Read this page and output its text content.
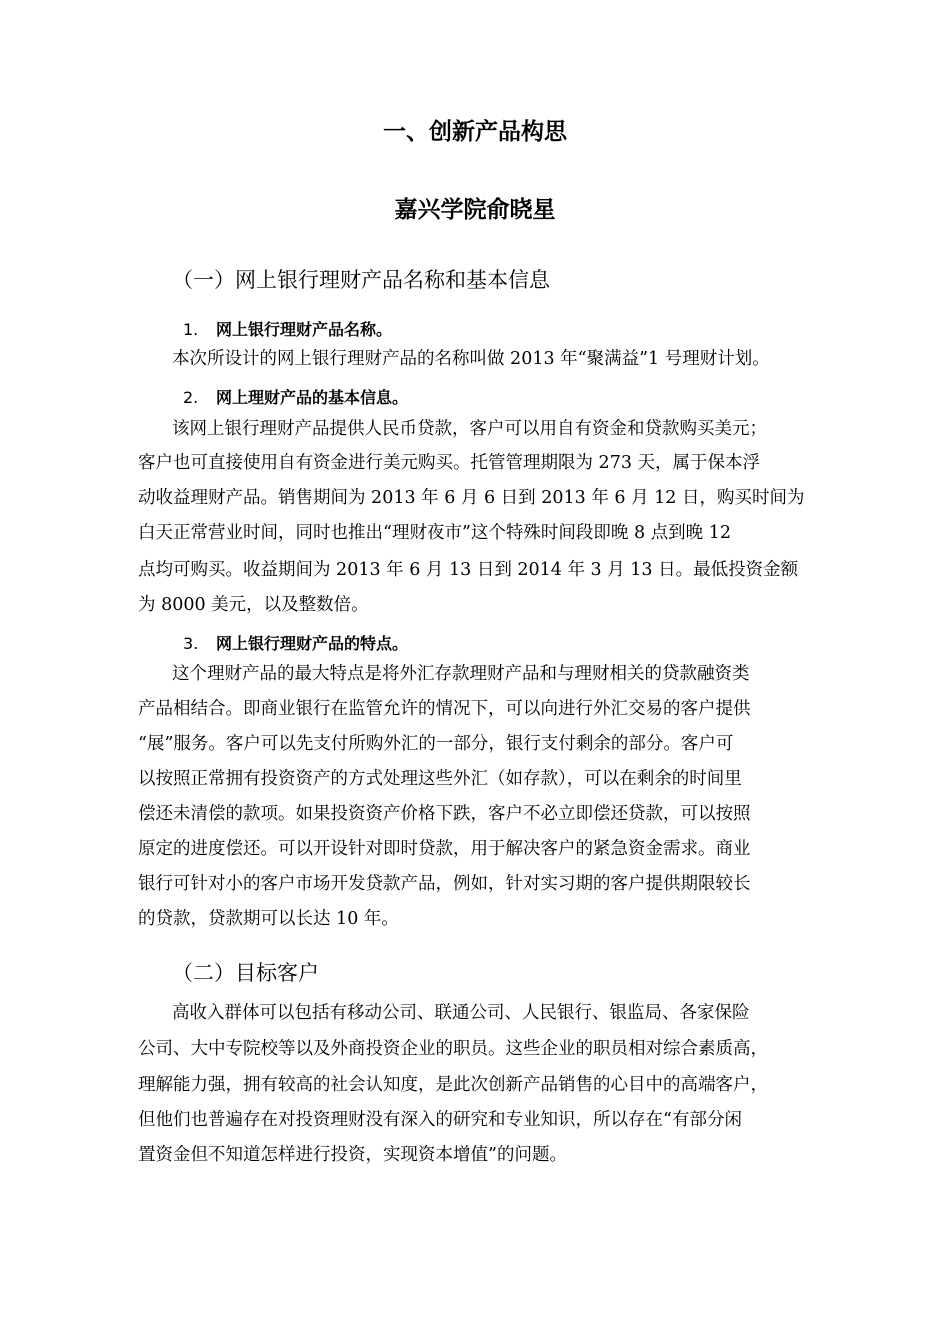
一、创新产品构思
嘉兴学院俞晓星
（一）网上银行理财产品名称和基本信息
1. 网上银行理财产品名称。
本次所设计的网上银行理财产品的名称叫做 2013 年“聚满益”1 号理财计划。
2. 网上理财产品的基本信息。
该网上银行理财产品提供人民币贷款，客户可以用自有资金和贷款购买美元；
客户也可直接使用自有资金进行美元购买。托管管理期限为 273 天，属于保本浮
动收益理财产品。销售期间为 2013 年 6 月 6 日到 2013 年 6 月 12 日，购买时间为
白天正常营业时间，同时也推出“理财夜市”这个特殊时间段即晚 8 点到晚 12
点均可购买。收益期间为 2013 年 6 月 13 日到 2014 年 3 月 13 日。最低投资金额
为 8000 美元，以及整数倍。
3. 网上银行理财产品的特点。
这个理财产品的最大特点是将外汇存款理财产品和与理财相关的贷款融资类
产品相结合。即商业银行在监管允许的情况下，可以向进行外汇交易的客户提供
“展”服务。客户可以先支付所购外汇的一部分，银行支付剩余的部分。客户可
以按照正常拥有投资资产的方式处理这些外汇（如存款），可以在剩余的时间里
偿还未清偿的款项。如果投资资产价格下跌，客户不必立即偿还贷款，可以按照
原定的进度偿还。可以开设针对即时贷款，用于解决客户的紧急资金需求。商业
银行可针对小的客户市场开发贷款产品，例如，针对实习期的客户提供期限较长
的贷款，贷款期可以长达 10 年。
（二）目标客户
高收入群体可以包括有移动公司、联通公司、人民银行、银监局、各家保险
公司、大中专院校等以及外商投资企业的职员。这些企业的职员相对综合素质高，
理解能力强，拥有较高的社会认知度，是此次创新产品销售的心目中的高端客户，
但他们也普遍存在对投资理财没有深入的研究和专业知识，所以存在“有部分闲
置资金但不知道怎样进行投资，实现资本增值”的问题。
